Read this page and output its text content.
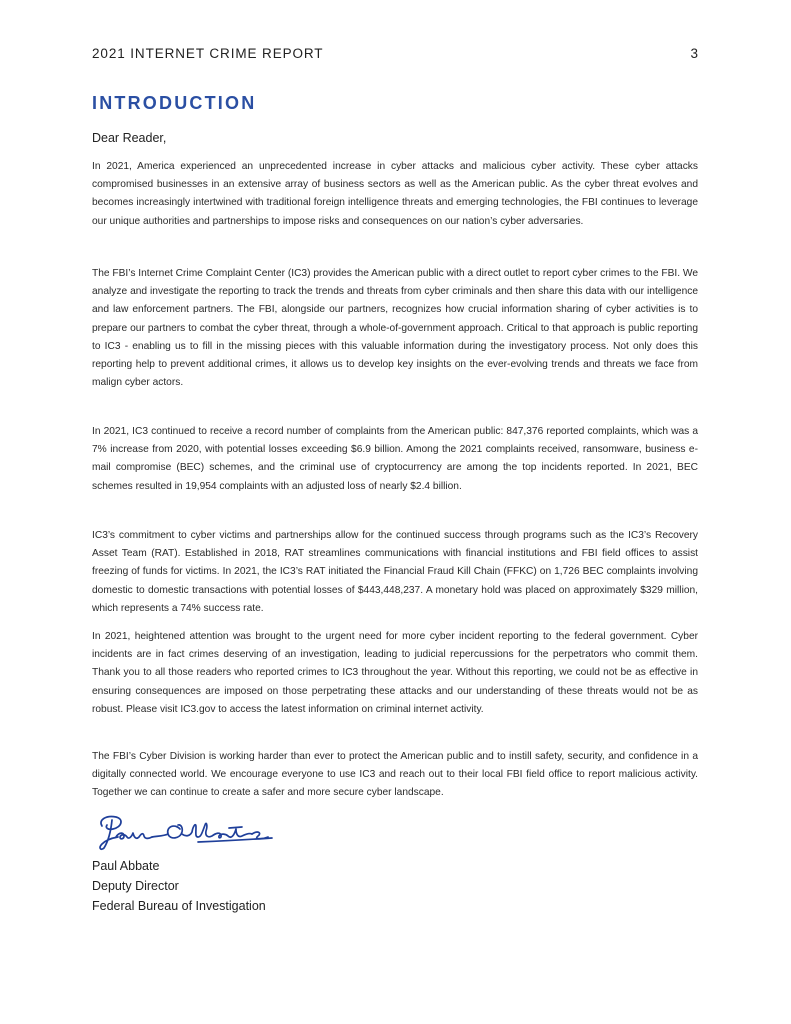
2021 INTERNET CRIME REPORT	3
INTRODUCTION

Dear Reader,

In 2021, America experienced an unprecedented increase in cyber attacks and malicious cyber activity. These cyber attacks compromised businesses in an extensive array of business sectors as well as the American public. As the cyber threat evolves and becomes increasingly intertwined with traditional foreign intelligence threats and emerging technologies, the FBI continues to leverage our unique authorities and partnerships to impose risks and consequences on our nation’s cyber adversaries.

The FBI’s Internet Crime Complaint Center (IC3) provides the American public with a direct outlet to report cyber crimes to the FBI. We analyze and investigate the reporting to track the trends and threats from cyber criminals and then share this data with our intelligence and law enforcement partners. The FBI, alongside our partners, recognizes how crucial information sharing of cyber activities is to prepare our partners to combat the cyber threat, through a whole-of-government approach. Critical to that approach is public reporting to IC3 - enabling us to fill in the missing pieces with this valuable information during the investigatory process. Not only does this reporting help to prevent additional crimes, it allows us to develop key insights on the ever-evolving trends and threats we face from malign cyber actors.

In 2021, IC3 continued to receive a record number of complaints from the American public: 847,376 reported complaints, which was a 7% increase from 2020, with potential losses exceeding $6.9 billion. Among the 2021 complaints received, ransomware, business e-mail compromise (BEC) schemes, and the criminal use of cryptocurrency are among the top incidents reported. In 2021, BEC schemes resulted in 19,954 complaints with an adjusted loss of nearly $2.4 billion.

IC3’s commitment to cyber victims and partnerships allow for the continued success through programs such as the IC3’s Recovery Asset Team (RAT). Established in 2018, RAT streamlines communications with financial institutions and FBI field offices to assist freezing of funds for victims. In 2021, the IC3’s RAT initiated the Financial Fraud Kill Chain (FFKC) on 1,726 BEC complaints involving domestic to domestic transactions with potential losses of $443,448,237. A monetary hold was placed on approximately $329 million, which represents a 74% success rate.

In 2021, heightened attention was brought to the urgent need for more cyber incident reporting to the federal government. Cyber incidents are in fact crimes deserving of an investigation, leading to judicial repercussions for the perpetrators who commit them. Thank you to all those readers who reported crimes to IC3 throughout the year. Without this reporting, we could not be as effective in ensuring consequences are imposed on those perpetrating these attacks and our understanding of these threats would not be as robust. Please visit IC3.gov to access the latest information on criminal internet activity.

The FBI’s Cyber Division is working harder than ever to protect the American public and to instill safety, security, and confidence in a digitally connected world. We encourage everyone to use IC3 and reach out to their local FBI field office to report malicious activity. Together we can continue to create a safer and more secure cyber landscape.

Paul Abbate
Deputy Director
Federal Bureau of Investigation
